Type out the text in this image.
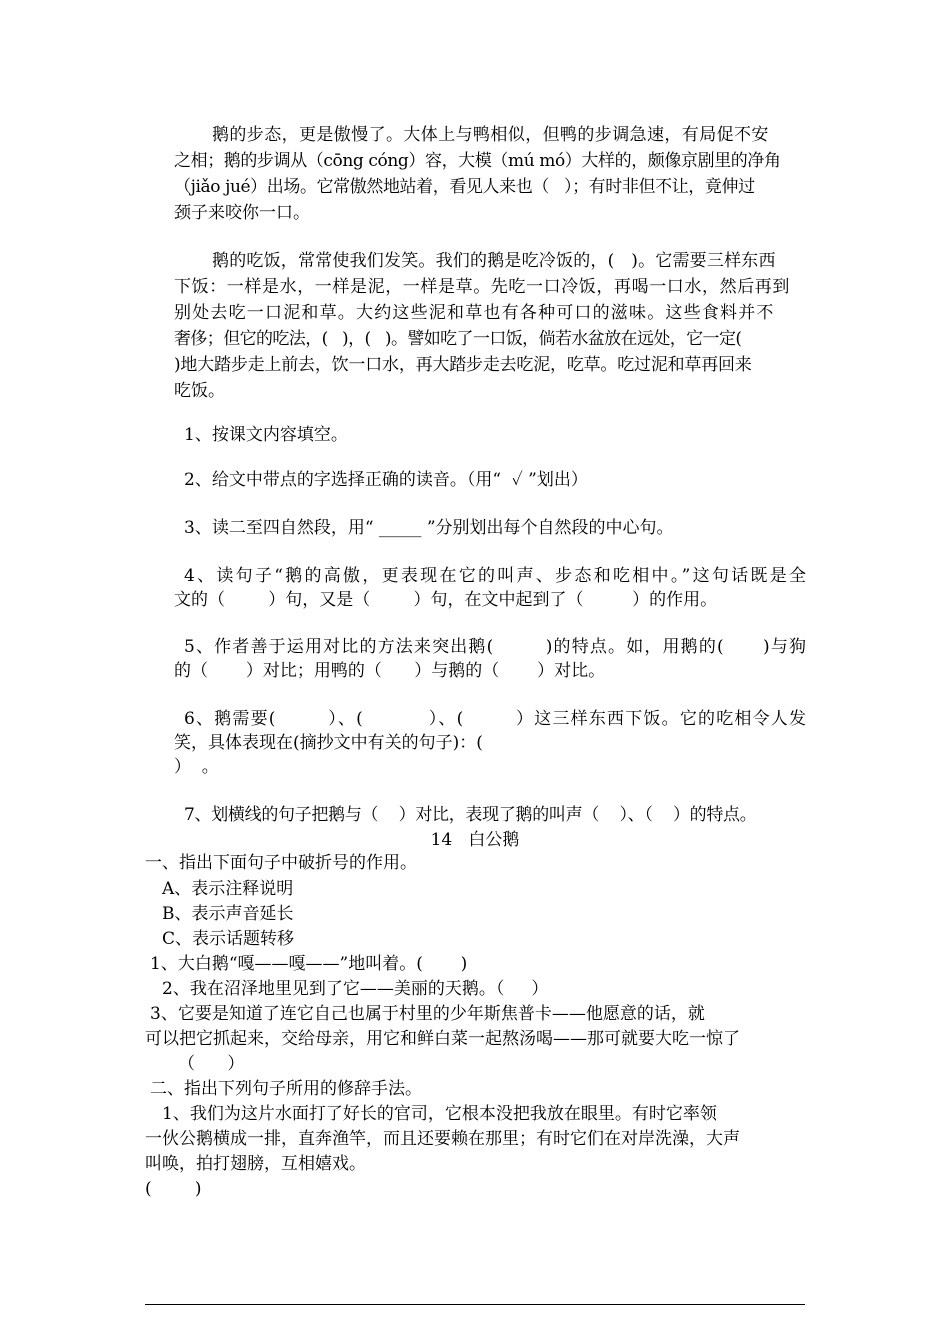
鹅的步态，更是傲慢了。大体上与鸭相似，但鸭的步调急速，有局促不安
之相；鹅的步调从（cōng cóng）容，大模（mú mó）大样的，颇像京剧里的净角
（jiǎo jué）出场。它常傲然地站着，看见人来也（   ）；有时非但不让，竟伸过
颈子来咬你一口。
鹅的吃饭，常常使我们发笑。我们的鹅是吃冷饭的，(   )。它需要三样东西
下饭：一样是水，一样是泥，一样是草。先吃一口冷饭，再喝一口水，然后再到
别处去吃一口泥和草。大约这些泥和草也有各种可口的滋味。这些食料并不
奢侈；但它的吃法，(   )，(   )。譬如吃了一口饭，倘若水盆放在远处，它一定(
)地大踏步走上前去，饮一口水，再大踏步走去吃泥，吃草。吃过泥和草再回来
吃饭。
1、按课文内容填空。
2、给文中带点的字选择正确的读音。（用“  ✓ ”划出）
3、读二至四自然段，用“ _____ ”分别划出每个自然段的中心句。
4、读句子“鹅的高傲，更表现在它的叫声、步态和吃相中。”这句话既是全
文的（        ）句，又是（        ）句，在文中起到了（         ）的作用。
5、作者善于运用对比的方法来突出鹅(        )的特点。如，用鹅的(      )与狗
的（       ）对比；用鸭的（      ）与鹅的（       ）对比。
6、鹅需要(        ）、(          ）、(        ）这三样东西下饭。它的吃相令人发
笑，具体表现在(摘抄文中有关的句子)：(
）  。
7、划横线的句子把鹅与（    ）对比，表现了鹅的叫声（    ）、（    ）的特点。
14   白公鹅
一、指出下面句子中破折号的作用。
A、表示注释说明
B、表示声音延长
C、表示话题转移
1、大白鹅“嘎——嘎——”地叫着。(       )
2、我在沼泽地里见到了它——美丽的天鹅。（     ）
3、它要是知道了连它自己也属于村里的少年斯焦普卡——他愿意的话，就
可以把它抓起来，交给母亲，用它和鲜白菜一起熬汤喝——那可就要大吃一惊了
（      ）
二、指出下列句子所用的修辞手法。
1、我们为这片水面打了好长的官司，它根本没把我放在眼里。有时它率领
一伙公鹅横成一排，直奔渔竿，而且还要赖在那里；有时它们在对岸洗澡，大声
叫唤，拍打翅膀，互相嬉戏。
(        )
